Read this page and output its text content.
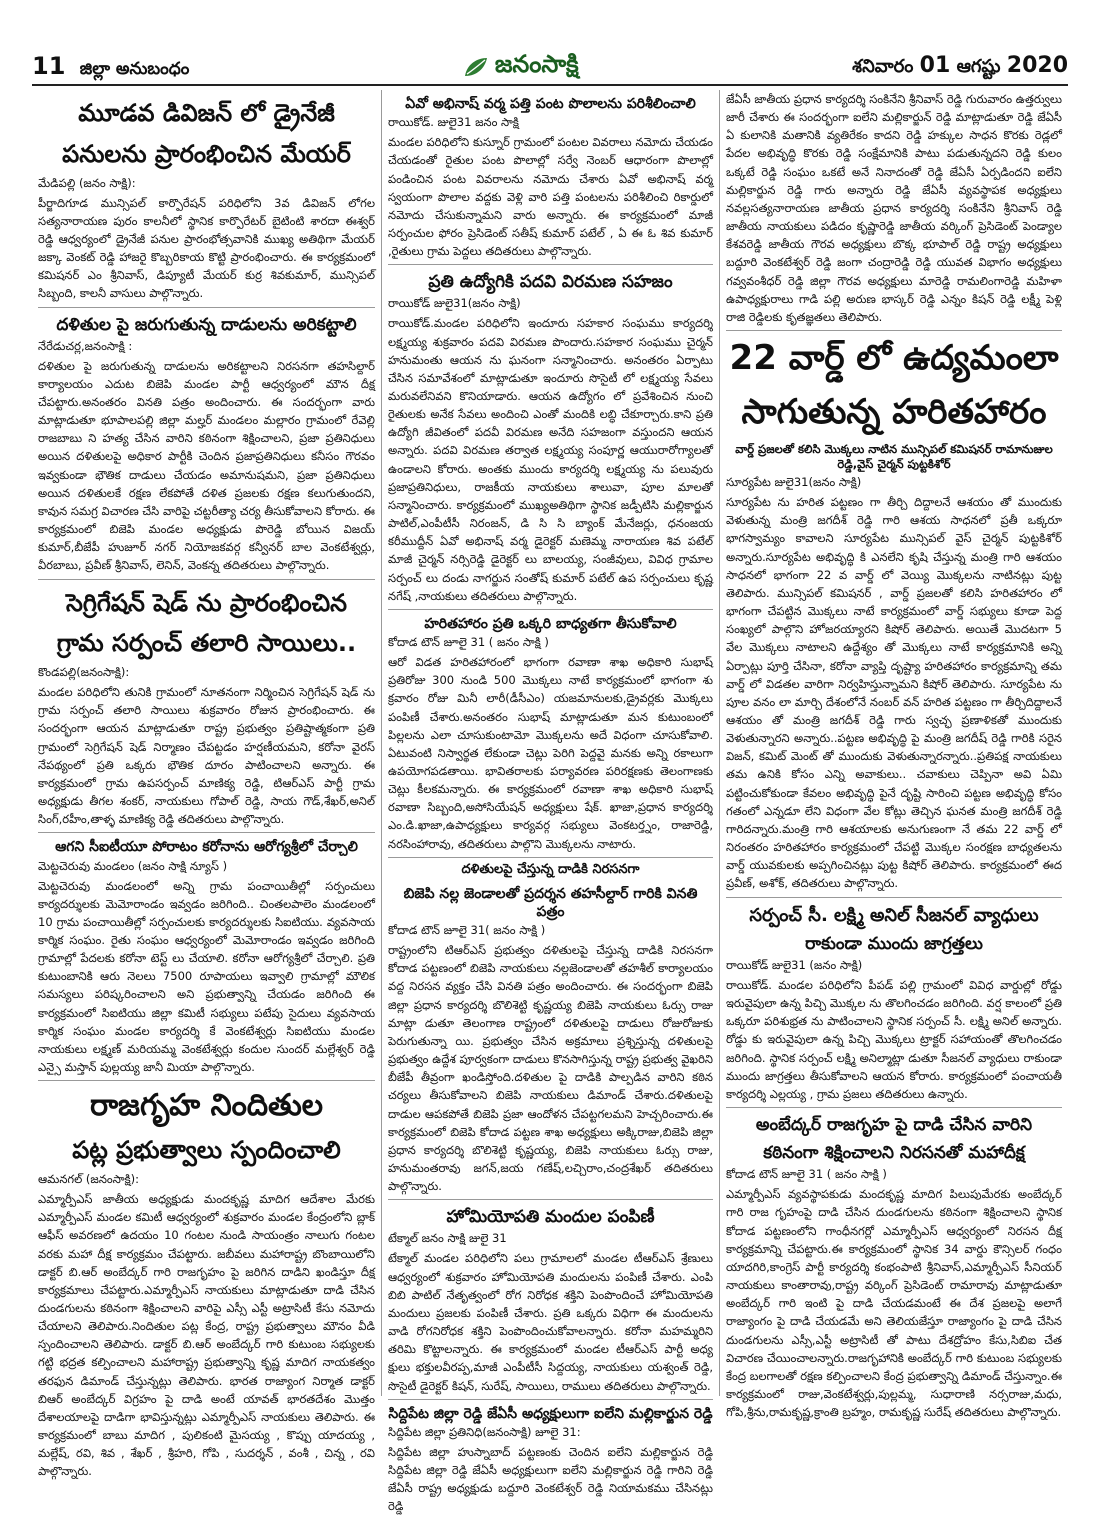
11 జిల్లా అనుబంధం	జనంసాక్షి	శనివారం 01 ఆగష్టు 2020
మూడవ డివిజన్ లో డ్రైనేజీ
పనులను ప్రారంభించిన మేయర్
మేడిపల్లి (జనం సాక్షి):

పీర్జాదిగూడ మున్సిపల్ కార్పొరేషన్ పరిధిలోని 3వ డివిజన్ లోగల సత్యనారాయణ పురం కాలనీలో స్థానిక కార్పొరేటర్ బైటింటి శారదా ఈశ్వర్ రెడ్డి ఆధ్వర్యంలో డ్రైనేజీ పనుల ప్రారంభోత్సవానికి ముఖ్య అతిథిగా మేయర్ జక్కా వెంకట్ రెడ్డి హాజరై కొబ్బరికాయ కొట్టి ప్రారంభించారు. ఈ కార్యక్రమంలో కమిషనర్ ఎం శ్రీనివాస్, డిప్యూటీ మేయర్ కుర్ర శివకుమార్, మున్సిపల్ సిబ్బంది, కాలనీ వాసులు పాల్గొన్నారు.

దళితుల పై జరుగుతున్న దాడులను అరికట్టాలి
నేరేడుచర్ల,జనంసాక్షి :

దళితుల పై జరుగుతున్న దాడులను అరికట్టాలని నిరసనగా తహసిల్దార్ కార్యాలయం ఎదుట బిజెపి మండల పార్టీ ఆధ్వర్యంలో మౌన దీక్ష చేపట్టారు.అనంతరం వినతి పత్రం అందించారు. ఈ సందర్భంగా వారు మాట్లాడుతూ భూపాలపల్లి జిల్లా మల్హర్ మండలం మల్లారం గ్రామంలో రేవెల్లి రాజబాబు ని హత్య చేసిన వారిని కఠినంగా శిక్షించాలని, ప్రజా ప్రతినిధులు అయిన దళితులపై అధికార పార్టీకి చెందిన ప్రజాప్రతినిధులు కనీసం గౌరవం ఇవ్వకుండా భౌతిక దాడులు చేయడం అమానుషమని, ప్రజా ప్రతినిధులు అయిన దళితులకే రక్షణ లేకపోతే దళిత ప్రజలకు రక్షణ కలుగుతుందని, కావున సమగ్ర విచారణ చేసి వారిపై చట్టరీత్యా చర్య తీసుకోవాలని కోరారు. ఈ కార్యక్రమంలో బిజెపి మండల అధ్యక్షుడు పొరెడ్డి బోయిన విజయ్ కుమార్,బీజేపీ హుజూర్ నగర్ నియోజకవర్గ కన్వీనర్ బాల వెంకటేశ్వర్లు, వీరబాబు, ప్రవీణ్ శ్రీనివాస్, లెనిన్, వెంకన్న తదితరులు పాల్గొన్నారు.

సెగ్రిగేషన్ షెడ్ ను ప్రారంభించిన
గ్రామ సర్పంచ్ తలారి సాయిలు..
కొండపల్లి(జనంసాక్షి):

మండల పరిధిలోని తునికి గ్రామంలో నూతనంగా నిర్మించిన సెగ్రిగేషన్ షెడ్ ను గ్రామ సర్పంచ్ తలారి సాయిలు శుక్రవారం రోజున ప్రారంభించారు. ఈ సందర్భంగా ఆయన మాట్లాడుతూ రాష్ట్ర ప్రభుత్వం ప్రతిష్టాత్మకంగా ప్రతి గ్రామంలో సెగ్రిగేషన్ షెడ్ నిర్మాణం చేపట్టడం హర్షణీయమని, కరోనా వైరస్ నేపథ్యంలో ప్రతి ఒక్కరు భౌతిక దూరం పాటించాలని అన్నారు. ఈ కార్యక్రమంలో గ్రామ ఉపసర్పంచ్ మాణిక్య రెడ్డి, టిఆర్ఎస్ పార్టీ గ్రామ అధ్యక్షుడు తీగల శంకర్, నాయకులు గోపాల్ రెడ్డి, సాయ గౌడ్,శేఖర్,అనిల్ సింగ్,రహీం,తాళ్ళ మాణిక్య రెడ్డి తదితరులు పాల్గొన్నారు.

ఆగని సీఐటీయూ పోరాటం కరోనాను ఆరోగ్యశ్రీలో చేర్చాలి
మెట్టచెరువు మండలం (జనం సాక్షి న్యూస్ )

మెట్టచెరువు మండలంలో అన్ని గ్రామ పంచాయితీల్లో సర్పంచులు కార్యదర్శులకు మెమోరాండం ఇవ్వడం జరిగింది.. చింతలపాలెం మండలంలో 10 గ్రామ పంచాయితీల్లో సర్పంచులకు కార్యదర్శులకు సిఐటియు. వ్యవసాయ కార్మిక సంఘం. రైతు సంఘం ఆధ్వర్యంలో మెమోరాండం ఇవ్వడం జరిగింది గ్రామాల్లో పేదలకు కరోనా టెస్ట్ లు చేయాలి. కరోనా ఆరోగ్యశ్రీలో చేర్చాలి. ప్రతి కుటుంబానికి ఆరు నెలలు 7500 రూపాయలు ఇవ్వాలి గ్రామాల్లో మౌలిక సమస్యలు పరిష్కరించాలని అని ప్రభుత్వాన్ని చేయడం జరిగింది ఈ కార్యక్రమంలో సిఐటియు జిల్లా కమిటీ సభ్యులు పటేపు సైదులు వ్యవసాయ కార్మిక సంఘం మండల కార్యదర్శి కే వెంకటేశ్వర్లు సిఐటియు మండల నాయకులు లక్ష్మణ్ మరియమ్మ వెంకటేశ్వర్లు కందుల సుందర్ మల్లేశ్వర్ రెడ్డి ఎన్సై మస్తాన్ పుల్లయ్య జానీ మియా పాల్గొన్నారు.

రాజగృహ నిందితుల
పట్ల ప్రభుత్వాలు స్పందించాలి
ఆమనగల్ (జనంసాక్షి):

ఎమ్మార్పీఎస్ జాతీయ అధ్యక్షుడు మందకృష్ణ మాదిగ ఆదేశాల మేరకు ఎమ్మార్పీఎస్ మండల కమిటీ ఆధ్వర్యంలో శుక్రవారం మండల కేంద్రంలోని బ్లాక్ ఆఫీస్ అవరణలో ఉదయం 10 గంటల నుండి సాయంత్రం నాలుగు గంటల వరకు మహా దీక్ష కార్యక్రమం చేపట్టారు. జబీవలు మహారాష్ట్ర బొంబాయిలోని డాక్టర్ బి.ఆర్ అంబేద్కర్ గారి రాజగృహం పై జరిగిన దాడిని ఖండిస్తూ దీక్ష కార్యక్రమాలు చేపట్టారు.ఎమ్మార్పీఎస్ నాయకులు మాట్లాడుతూ దాడి చేసిన దుండగులను కఠినంగా శిక్షించాలని వారిపై ఎస్సీ ఎస్టీ అట్రాసిటీ కేసు నమోదు చేయాలని తెలిపారు.నిందితుల పట్ల కేంద్ర, రాష్ట్ర ప్రభుత్వాలు మౌనం వీడి స్పందించాలని తెలిపారు. డాక్టర్ బి.ఆర్ అంబేద్కర్ గారి కుటుంబ సభ్యులకు గట్టి భద్రత కల్పించాలని మహారాష్ట్ర ప్రభుత్వాన్ని కృష్ణ మాదిగ నాయకత్వం తరఫున డిమాండ్ చేస్తున్నట్లు తెలిపారు. భారత రాజ్యాంగ నిర్మాత డాక్టర్ బిఆర్ అంబేద్కర్ విగ్రహం పై దాడి అంటే యావత్ భారతదేశం మొత్తం దేశాలయాలపై దాడిగా భావిస్తున్నట్లు ఎమ్మార్పీఎస్ నాయకులు తెలిపారు. ఈ కార్యక్రమంలో బాబు మాదిగ , పులికంటి మైసయ్య , కొప్పు యాదయ్య , మల్లేష్, రవి, శివ , శేఖర్ , శ్రీహరి, గోపి , సుదర్శన్ , వంశీ , చిన్న , రవి పాల్గొన్నారు.

ఏవో అభినాష్ వర్మ పత్తి పంట పొలాలను పరిశీలించాలి
రాయికోడ్. జులై31 జనం సాక్షి

మండల పరిధిలోని కుస్నూర్ గ్రామంలో పంటల వివరాలు నమోదు చేయడం చేయడంతో రైతుల పంట పొలాల్లో సర్వే నెంబర్ ఆధారంగా పొలాల్లో పండించిన పంట వివరాలను నమోదు చేశారు ఏవో అభినాష్ వర్మ స్వయంగా పొలాల వద్దకు వెళ్లి వారి పత్తి పంటలను పరిశీలించి రికార్డులో నమోదు చేసుకున్నామని వారు అన్నారు. ఈ కార్యక్రమంలో మాజీ సర్పంచుల ఫోరం ప్రెసిడెంట్ సతీష్ కుమార్ పటేల్ , ఏ ఈ ఓ శివ కుమార్ ,రైతులు గ్రామ పెద్దలు తదితరులు పాల్గొన్నారు.

ప్రతి ఉద్యోగికి పదవి విరమణ సహజం
రాయికోడ్ జులై31(జనం సాక్షి)

రాయికోడ్.మండల పరిధిలోని ఇందూరు సహకార సంఘము కార్యదర్శి లక్ష్మయ్య శుక్రవారం పదవి విరమణ పొందారు.సహకార సంఘము చైర్మన్ హనుమంతు ఆయన ను ఘనంగా సన్మానించారు. అనంతరం ఏర్పాటు చేసిన సమావేశంలో మాట్లాడుతూ ఇందూరు సొసైటీ లో లక్ష్మయ్య సేవలు మరువలేనివని కొనియాడారు. ఆయన ఉద్యోగం లో ప్రవేశించిన నుంచి రైతులకు అనేక సేవలు అందించి ఎంతో మందికి లబ్ధి చేకూర్చారు.కాని ప్రతి ఉద్యోగి జీవితంలో పదవీ విరమణ అనేది సహజంగా వస్తుందని ఆయన అన్నారు. పదవి విరమణ తర్వాత లక్ష్మయ్య సంపూర్ణ ఆయురారోగ్యాలతో ఉండాలని కోరారు. అంతకు ముందు కార్యదర్శి లక్ష్మయ్య ను పలువురు ప్రజాప్రతినిధులు, రాజకీయ నాయకులు శాలువా, పూల మాలతో సన్మానించారు. కార్యక్రమంలో ముఖ్యఅతిథిగా స్థానిక జడ్పీటిసి మల్లికార్జున పాటిల్,ఎంపీటీసీ నిరంజన్, డి సి సి బ్యాంక్ మేనేజర్లు, ధనంజయ కరీముద్దీన్ ఏవో అభినాష్ వర్మ డైరెక్టర్ మణెమ్మ నారాయణ శివ పటేల్ మాజీ చైర్మన్ నర్సిరెడ్డి డైరెక్టర్ లు బాలయ్య, సంజీవులు, వివిధ గ్రామాల సర్పంచ్ లు దండు నాగర్జున సంతోష్ కుమార్ పటేల్ ఉప సర్పంచులు కృష్ణ నగేష్ ,నాయకులు తదితరులు పాల్గొన్నారు.

హరితహారం ప్రతి ఒక్కరి బాధ్యతగా తీసుకోవాలి
కోదాడ టౌన్ జూలై 31 ( జనం సాక్షి )

ఆరో విడత హరితహారంలో భాగంగా రవాణా శాఖ అధికారి సుభాష్ ప్రతిరోజు 300 నుండి 500 మొక్కలు నాటే కార్యక్రమంలో భాగంగా శు క్రవారం రోజు మినీ లారీ(డీసీఎం) యజమానులకు,డ్రైవర్లకు మొక్కలు పంపిణీ చేశారు.అనంతరం సుభాష్ మాట్లాడుతూ మన కుటుంబంలో పిల్లలను ఎలా చూసుకుంటామో మొక్కలను అదే విధంగా చూసుకోవాలి. ఏటువంటి నిస్వార్థత లేకుండా చెట్లు పెరిగి పెద్దవై మనకు అన్ని రకాలుగా ఉపయోగపడతాయి. భావితరాలకు పర్యావరణ పరిరక్షణకు తెలంగాణకు చెట్లు కీలకమన్నారు. ఈ కార్యక్రమంలో రవాణా శాఖ అధికారి సుభాష్ రవాణా సిబ్బంది,అసోసియేషన్ అధ్యక్షులు షేక్. ఖాజా,ప్రధాన కార్యదర్శి ఎం.డి.ఖాజా,ఉపాధ్యక్షులు కార్యవర్గ సభ్యులు వెంకటర్త్నం, రాజారెడ్డి, నరసింహారావు, తదితరులు పాల్గొని మొక్కలను నాటారు.

దళితులపై చేస్తున్న దాడికి నిరసనగా
బిజెపి నల్ల జెండాలతో ప్రదర్శన తహసీల్దార్ గారికి వినతి పత్రం
కోదాడ టౌన్ జూలై 31( జనం సాక్షి )

రాష్ట్రంలోని టిఆర్ఎస్ ప్రభుత్వం దళితులపై చేస్తున్న దాడికి నిరసనగా కోదాడ పట్టణంలో బిజెపి నాయకులు నల్లజెండాలతో తహశీల్ కార్యాలయం వద్ద నిరసన వ్యక్తం చేసి వినతి పత్రం అందించారు. ఈ సందర్భంగా బిజెపి జిల్లా ప్రధాన కార్యదర్శి బొలిశెట్టి కృష్ణయ్య బిజెపి నాయకులు ఓర్సు రాజు మాట్లా డుతూ తెలంగాణ రాష్ట్రంలో దళితులపై దాడులు రోజురోజుకు పెరుగుతున్నా యి. ప్రభుత్వం చేసిన అక్రమాలు ప్రశ్నిస్తున్న దళితులపై ప్రభుత్వం ఉద్దేశ పూర్వకంగా దాడులు కొనసాగిస్తున్న రాష్ట్ర ప్రభుత్వ వైఖరిని బీజేపీ తీవ్రంగా ఖండిస్తోంది.దళితుల పై దాడికి పాల్పడిన వారిని కఠిన చర్యలు తీసుకోవాలని బిజెపి నాయకులు డిమాండ్ చేశారు.దళితులపై దాడుల ఆపకపోతే బిజెపి ప్రజా ఆందోళన చేపట్టగలమని హెచ్చరించారు.ఈ కార్యక్రమంలో బిజెపి కోదాడ పట్టణ శాఖ అధ్యక్షులు అక్కిరాజు,బిజెపి జిల్లా ప్రధాన కార్యదర్శి బొలిశెట్టి కృష్ణయ్య, బిజెపి నాయకులు ఓర్సు రాజు, హనుమంతరావు జగన్,జయ గణేష్,లచ్చిరాం,చంద్రశేఖర్ తదితరులు పాల్గొన్నారు.

హోమియోపతి మందుల పంపిణీ
టేక్మాల్ జనం సాక్షి జులై 31

టేక్మాల్ మండల పరిధిలోని పలు గ్రామాలలో మండల టీఆర్ఎస్ శ్రేణులు ఆధ్వర్యంలో శుక్రవారం హోమియోపతి మందులను పంపిణీ చేశారు. ఎంపి బిబి పాటిల్ నేతృత్వంలో రోగ నిరోధక శక్తిని పెంపొందించే హోమియోపతి మందులు ప్రజలకు పంపిణీ చేశారు. ప్రతి ఒక్కరు విధిగా ఈ మందులను వాడి రోగనిరోధక శక్తిని పెంపొందించుకోవాలన్నారు. కరోనా మహమ్మరిని తరిమి కొట్టాలన్నారు. ఈ కార్యక్రమంలో మండల టీఆర్ఎస్ పార్టీ అధ్య క్షులు భక్తులవీరప్ప,మాజీ ఎంపీటీసీ సిద్దయ్య, నాయకులు యశ్వంత్ రెడ్డి, సొసైటీ డైరెక్టర్ కిషన్, సురేష్, సాయిలు, రాములు తదితరులు పాల్గొన్నారు.

సిద్దిపేట జిల్లా రెడ్డి జేఏసీ అధ్యక్షులుగా ఐలేని మల్లికార్జున రెడ్డి
సిద్దిపేట జిల్లా ప్రతినిధి(జనంసాక్షి) జూలై 31:

సిద్దిపేట జిల్లా హుస్నాబాద్ పట్టణంకు చెందిన ఐలేని మల్లికార్జున రెడ్డి సిద్దిపేట జిల్లా రెడ్డి జేఏసీ అధ్యక్షులుగా ఐలేని మల్లికార్జున రెడ్డి గారిని రెడ్డి జేఏసీ రాష్ట్ర అధ్యక్షుడు బద్దూరి వెంకటేశ్వర్ రెడ్డి నియామకము చేసినట్లు రెడ్డి

జేఏసీ జాతీయ ప్రధాన కార్యదర్శి సంకినేని శ్రీనివాస్ రెడ్డి గురువారం ఉత్తర్వులు జారీ చేశారు ఈ సందర్భంగా ఐలేని మల్లికార్జున్ రెడ్డి మాట్లాడుతూ రెడ్డి జేఏసీ ఏ కులానికి మతానికి వ్యతిరేకం కాదని రెడ్డి హక్కుల సాధన కొరకు రెడ్లలో పేదల అభివృద్ధి కొరకు రెడ్డి సంక్షేమానికి పాటు పడుతున్నదని రెడ్డి కులం ఒక్కటే రెడ్డి సంఘం ఒకటే అనే నినాదంతో రెడ్డి జేఏసీ ఏర్పడిందని ఐలేని మల్లికార్జున రెడ్డి గారు అన్నారు రెడ్డి జేఏసీ వ్యవస్థాపక అధ్యక్షులు నవల్లసత్యనారాయణ జాతీయ ప్రధాన కార్యదర్శి సంకినేని శ్రీనివాస్ రెడ్డి జాతీయ నాయకులు పడిదం కృష్ణారెడ్డి జాతీయ వర్కింగ్ ప్రెసిడెంట్ పెండ్యాల కేశవరెడ్డి జాతీయ గౌరవ అధ్యక్షులు బొక్క భూపాల్ రెడ్డి రాష్ట్ర అధ్యక్షులు బద్దూరి వెంకటేశ్వర్ రెడ్డి జంగా చంద్రారెడ్డి రెడ్డి యువత విభాగం అధ్యక్షులు గవ్వవంశీధర్ రెడ్డి జిల్లా గౌరవ అధ్యక్షులు మారెడ్డి రామలింగారెడ్డి మహిళా ఉపాధ్యక్షురాలు గాడి పల్లి అరుణ భాస్కర్ రెడ్డి ఎన్నం కిషన్ రెడ్డి లక్ష్మీ పెళ్లి రాజి రెడ్డిలకు కృతజ్ఞతలు తెలిపారు.

22 వార్డ్ లో ఉద్యమంలా
సాగుతున్న హరితహారం
వార్డ్ ప్రజలతో కలిసి మొక్కలు నాటిన మున్సిపల్ కమిషనర్ రామానుజుల రెడ్డి,వైస్ చైర్మన్ పుట్టకిశోర్
సూర్యపేట జులై31(జనం సాక్షి)

సూర్యపేట ను హరిత పట్టణం గా తీర్చి దిద్దాలనే ఆశయం తో ముందుకు వెళుతున్న మంత్రి జగదీశ్ రెడ్డి గారి ఆశయ సాధనలో ప్రతీ ఒక్కరూ భాగస్వామ్యం కావాలని సూర్యపేట మున్సిపల్ వైస్ చైర్మన్ పుట్టకిశోర్ అన్నారు.సూర్యపేట అభివృద్ధి కి ఎనలేని కృషి చేస్తున్న మంత్రి గారి ఆశయం సాధనలో భాగంగా 22 వ వార్డ్ లో వెయ్యి మొక్కలను నాటినట్లు పుట్ట తెలిపారు. మున్సిపల్ కమిషనర్ , వార్డ్ ప్రజలతో కలిసి హరితహారం లో భాగంగా చేపట్టిన మొక్కలు నాటే కార్యక్రమంలో వార్డ్ సభ్యులు కూడా పెద్ద సంఖ్యలో పాల్గొని హోజరయ్యారని కిషోర్ తెలిపారు. అయితే మొదటగా 5 వేల మొక్కలు నాటాలని ఉద్దేశ్యం తో మొక్కలు నాటే కార్యక్రమానికి అన్ని ఏర్పాట్లు పూర్తి చేసినా, కరోనా వ్యాప్తి దృష్ట్యా హరితహారం కార్యక్రమాన్ని తమ వార్డ్ లో విడతల వారిగా నిర్వహిస్తున్నామని కిషోర్ తెలిపారు. సూర్యపేట ను పూల వనం లా మార్చి దేశంలోనే నంబర్ వన్ హరిత పట్టణం గా తీర్చిదిద్దాలనే ఆశయం తో మంత్రి జగదీశ్ రెడ్డి గారు స్వచ్ఛ ప్రణాళికతో ముందుకు వెళుతున్నారని అన్నారు..పట్టణ అభివృద్ధి పై మంత్రి జగదీష్ రెడ్డి గారికి సరైన విజన్, కమిట్ మెంట్ తో ముందుకు వెళుతున్నారన్నారు..ప్రతిపక్ష నాయకులు తమ ఉనికి కోసం ఎన్ని అవాకులు.. చవాకులు చెప్పినా అవి ఏమి పట్టించుకోకుండా కేవలం అభివృద్ధి పైనే దృష్టి సారించి పట్టణ అభివృద్ధి కోసం గతంలో ఎన్నడూ లేని విధంగా వేల కోట్లు తెచ్చిన ఘనత మంత్రి జగదీశ్ రెడ్డి గారిదన్నారు.మంత్రి గారి ఆశయాలకు అనుగుణంగా నే తమ 22 వార్డ్ లో నిరంతరం హరితహారం కార్యక్రమంలో చేపట్టి మొక్కల సంరక్షణ బాధ్యతలను వార్డ్ యువకులకు అప్పగించినట్లు పుట్ట కిషోర్ తెలిపారు. కార్యక్రమంలో ఈద ప్రవీణ్, అశోక్, తదితరులు పాల్గొన్నారు.

సర్పంచ్ సీ. లక్ష్మి అనిల్ సీజనల్ వ్యాధులు
రాకుండా ముందు జాగ్రత్తలు
రాయికోడ్ జులై31 (జనం సాక్షి)

రాయికోడ్. మండల పరిధిలోని పీపడ్ పల్లి గ్రామంలో వివిధ వార్డుల్లో రోడ్డు ఇరువైపులా ఉన్న పిచ్చి మొక్కల ను తొలగించడం జరిగింది. వర్ష కాలంలో ప్రతి ఒక్కరూ పరిశుభ్రత ను పాటించాలని స్థానిక సర్పంచ్ సీ. లక్ష్మి అనిల్ అన్నారు. రోడ్డు కు ఇరువైపులా ఉన్న పిచ్చి మొక్కలు ట్రాక్టర్ సహాయంతో తొలగించడం జరిగింది. స్థానిక సర్పంచ్ లక్ష్మి అనిల్మాట్లా డుతూ సీజనల్ వ్యాధులు రాకుండా ముందు జాగ్రత్తలు తీసుకోవాలని ఆయన కోరారు. కార్యక్రమంలో పంచాయతీ కార్యదర్శి ఎల్లయ్య , గ్రామ ప్రజలు తదితరులు ఉన్నారు.

అంబేద్కర్ రాజగృహ పై దాడి చేసిన వారిని
కఠినంగా శిక్షించాలని నిరసనతో మహాదీక్ష
కోదాడ టౌన్ జూలై 31 ( జనం సాక్షి )

ఎమ్మార్పీఎస్ వ్యవస్థాపకుడు మందకృష్ణ మాదిగ పిలుపుమేరకు అంబేద్కర్ గారి రాజ గృహంపై దాడి చేసిన దుండగులను కఠినంగా శిక్షించాలని స్థానిక కోదాడ పట్టణంలోని గాంధీనగర్లో ఎమ్మార్పీఎస్ ఆధ్వర్యంలో నిరసన దీక్ష కార్యక్రమాన్ని చేపట్టారు.ఈ కార్యక్రమంలో స్థానిక 34 వార్డు కౌన్సిలర్ గంధం యాదగిరి,కాంగ్రెస్ పార్టీ కార్యదర్శి కంభంపాటి శ్రీనివాస్,ఎమ్మార్పీఎస్ సీనియర్ నాయకులు కాంతారావు,రాష్ట్ర వర్కింగ్ ప్రెసిడెంట్ రామారావు మాట్లాడుతూ అంబేద్కర్ గారి ఇంటి పై దాడి చేయడమంటే ఈ దేశ ప్రజలపై అలాగే రాజ్యాంగం పై దాడి చేయడమే అని తెలియజేస్తూ రాజ్యాంగం పై దాడి చేసిన దుండగులను ఎస్సీ,ఎస్టీ అట్రాసిటీ తో పాటు దేశద్రోహం కేసు,సిబిఐ చేత విచారణ చేయించాలన్నారు.రాజగృహానికి అంబేద్కర్ గారి కుటుంబ సభ్యులకు కేంద్ర బలగాలతో రక్షణ కల్పించాలని కేంద్ర ప్రభుత్వాన్ని డిమాండ్ చేస్తున్నాం.ఈ కార్యక్రమంలో రాజు,వెంకటేశ్వర్లు,పుల్లమ్మ, సుధారాణి నర్సరాజు,మధు, గోపి,శ్రీను,రామకృష్ణ,క్రాంతి బ్రహ్మం, రామకృష్ణ సురేష్ తదితరులు పాల్గొన్నారు.
